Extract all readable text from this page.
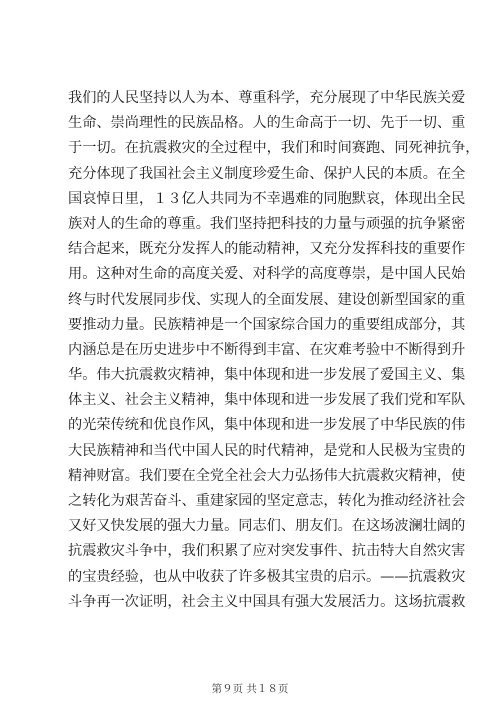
我们的人民坚持以人为本、尊重科学，充分展现了中华民族关爱
生命、崇尚理性的民族品格。人的生命高于一切、先于一切、重
于一切。在抗震救灾的全过程中，我们和时间赛跑、同死神抗争，
充分体现了我国社会主义制度珍爱生命、保护人民的本质。在全
国哀悼日里，１３亿人共同为不幸遇难的同胞默哀，体现出全民
族对人的生命的尊重。我们坚持把科技的力量与顽强的抗争紧密
结合起来，既充分发挥人的能动精神，又充分发挥科技的重要作
用。这种对生命的高度关爱、对科学的高度尊崇，是中国人民始
终与时代发展同步伐、实现人的全面发展、建设创新型国家的重
要推动力量。民族精神是一个国家综合国力的重要组成部分，其
内涵总是在历史进步中不断得到丰富、在灾难考验中不断得到升
华。伟大抗震救灾精神，集中体现和进一步发展了爱国主义、集
体主义、社会主义精神，集中体现和进一步发展了我们党和军队
的光荣传统和优良作风，集中体现和进一步发展了中华民族的伟
大民族精神和当代中国人民的时代精神，是党和人民极为宝贵的
精神财富。我们要在全党全社会大力弘扬伟大抗震救灾精神，使
之转化为艰苦奋斗、重建家园的坚定意志，转化为推动经济社会
又好又快发展的强大力量。同志们、朋友们。在这场波澜壮阔的
抗震救灾斗争中，我们积累了应对突发事件、抗击特大自然灾害
的宝贵经验，也从中收获了许多极其宝贵的启示。——抗震救灾
斗争再一次证明，社会主义中国具有强大发展活力。这场抗震救
第９页 共１８页
